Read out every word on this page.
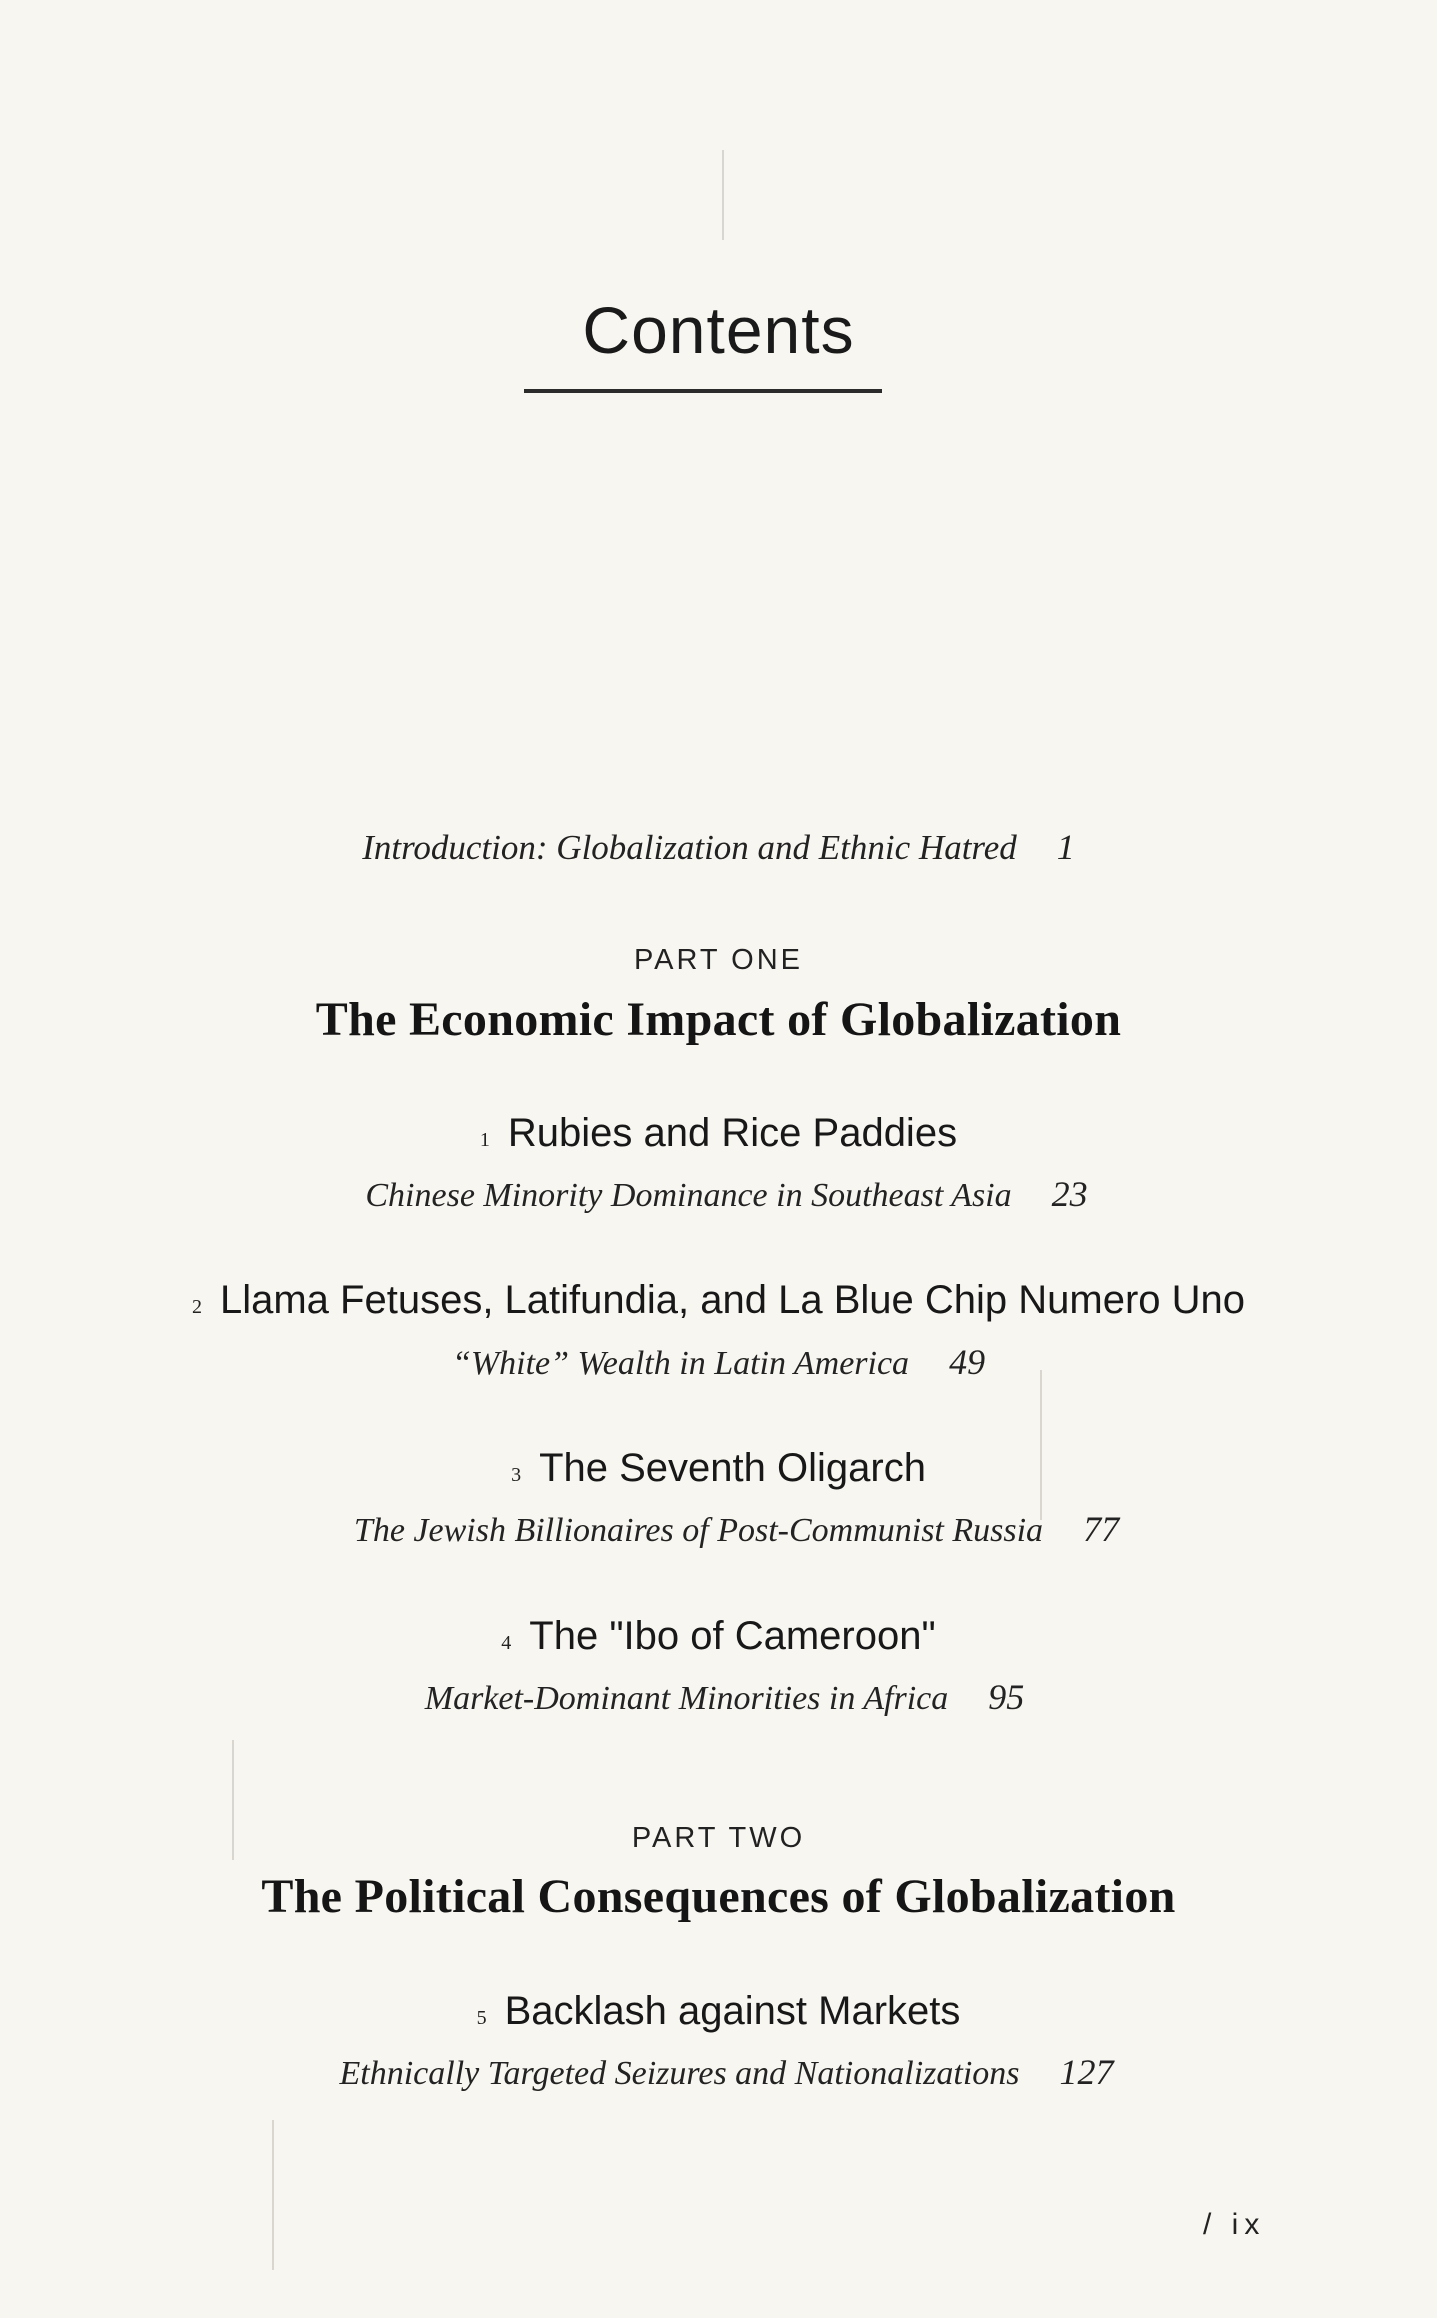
Contents
Introduction: Globalization and Ethnic Hatred 1
PART ONE
The Economic Impact of Globalization
1 Rubies and Rice Paddies
Chinese Minority Dominance in Southeast Asia 23
2 Llama Fetuses, Latifundia, and La Blue Chip Numero Uno
“White” Wealth in Latin America 49
3 The Seventh Oligarch
The Jewish Billionaires of Post-Communist Russia 77
4 The "Ibo of Cameroon"
Market-Dominant Minorities in Africa 95
PART TWO
The Political Consequences of Globalization
5 Backlash against Markets
Ethnically Targeted Seizures and Nationalizations 127
/ ix
